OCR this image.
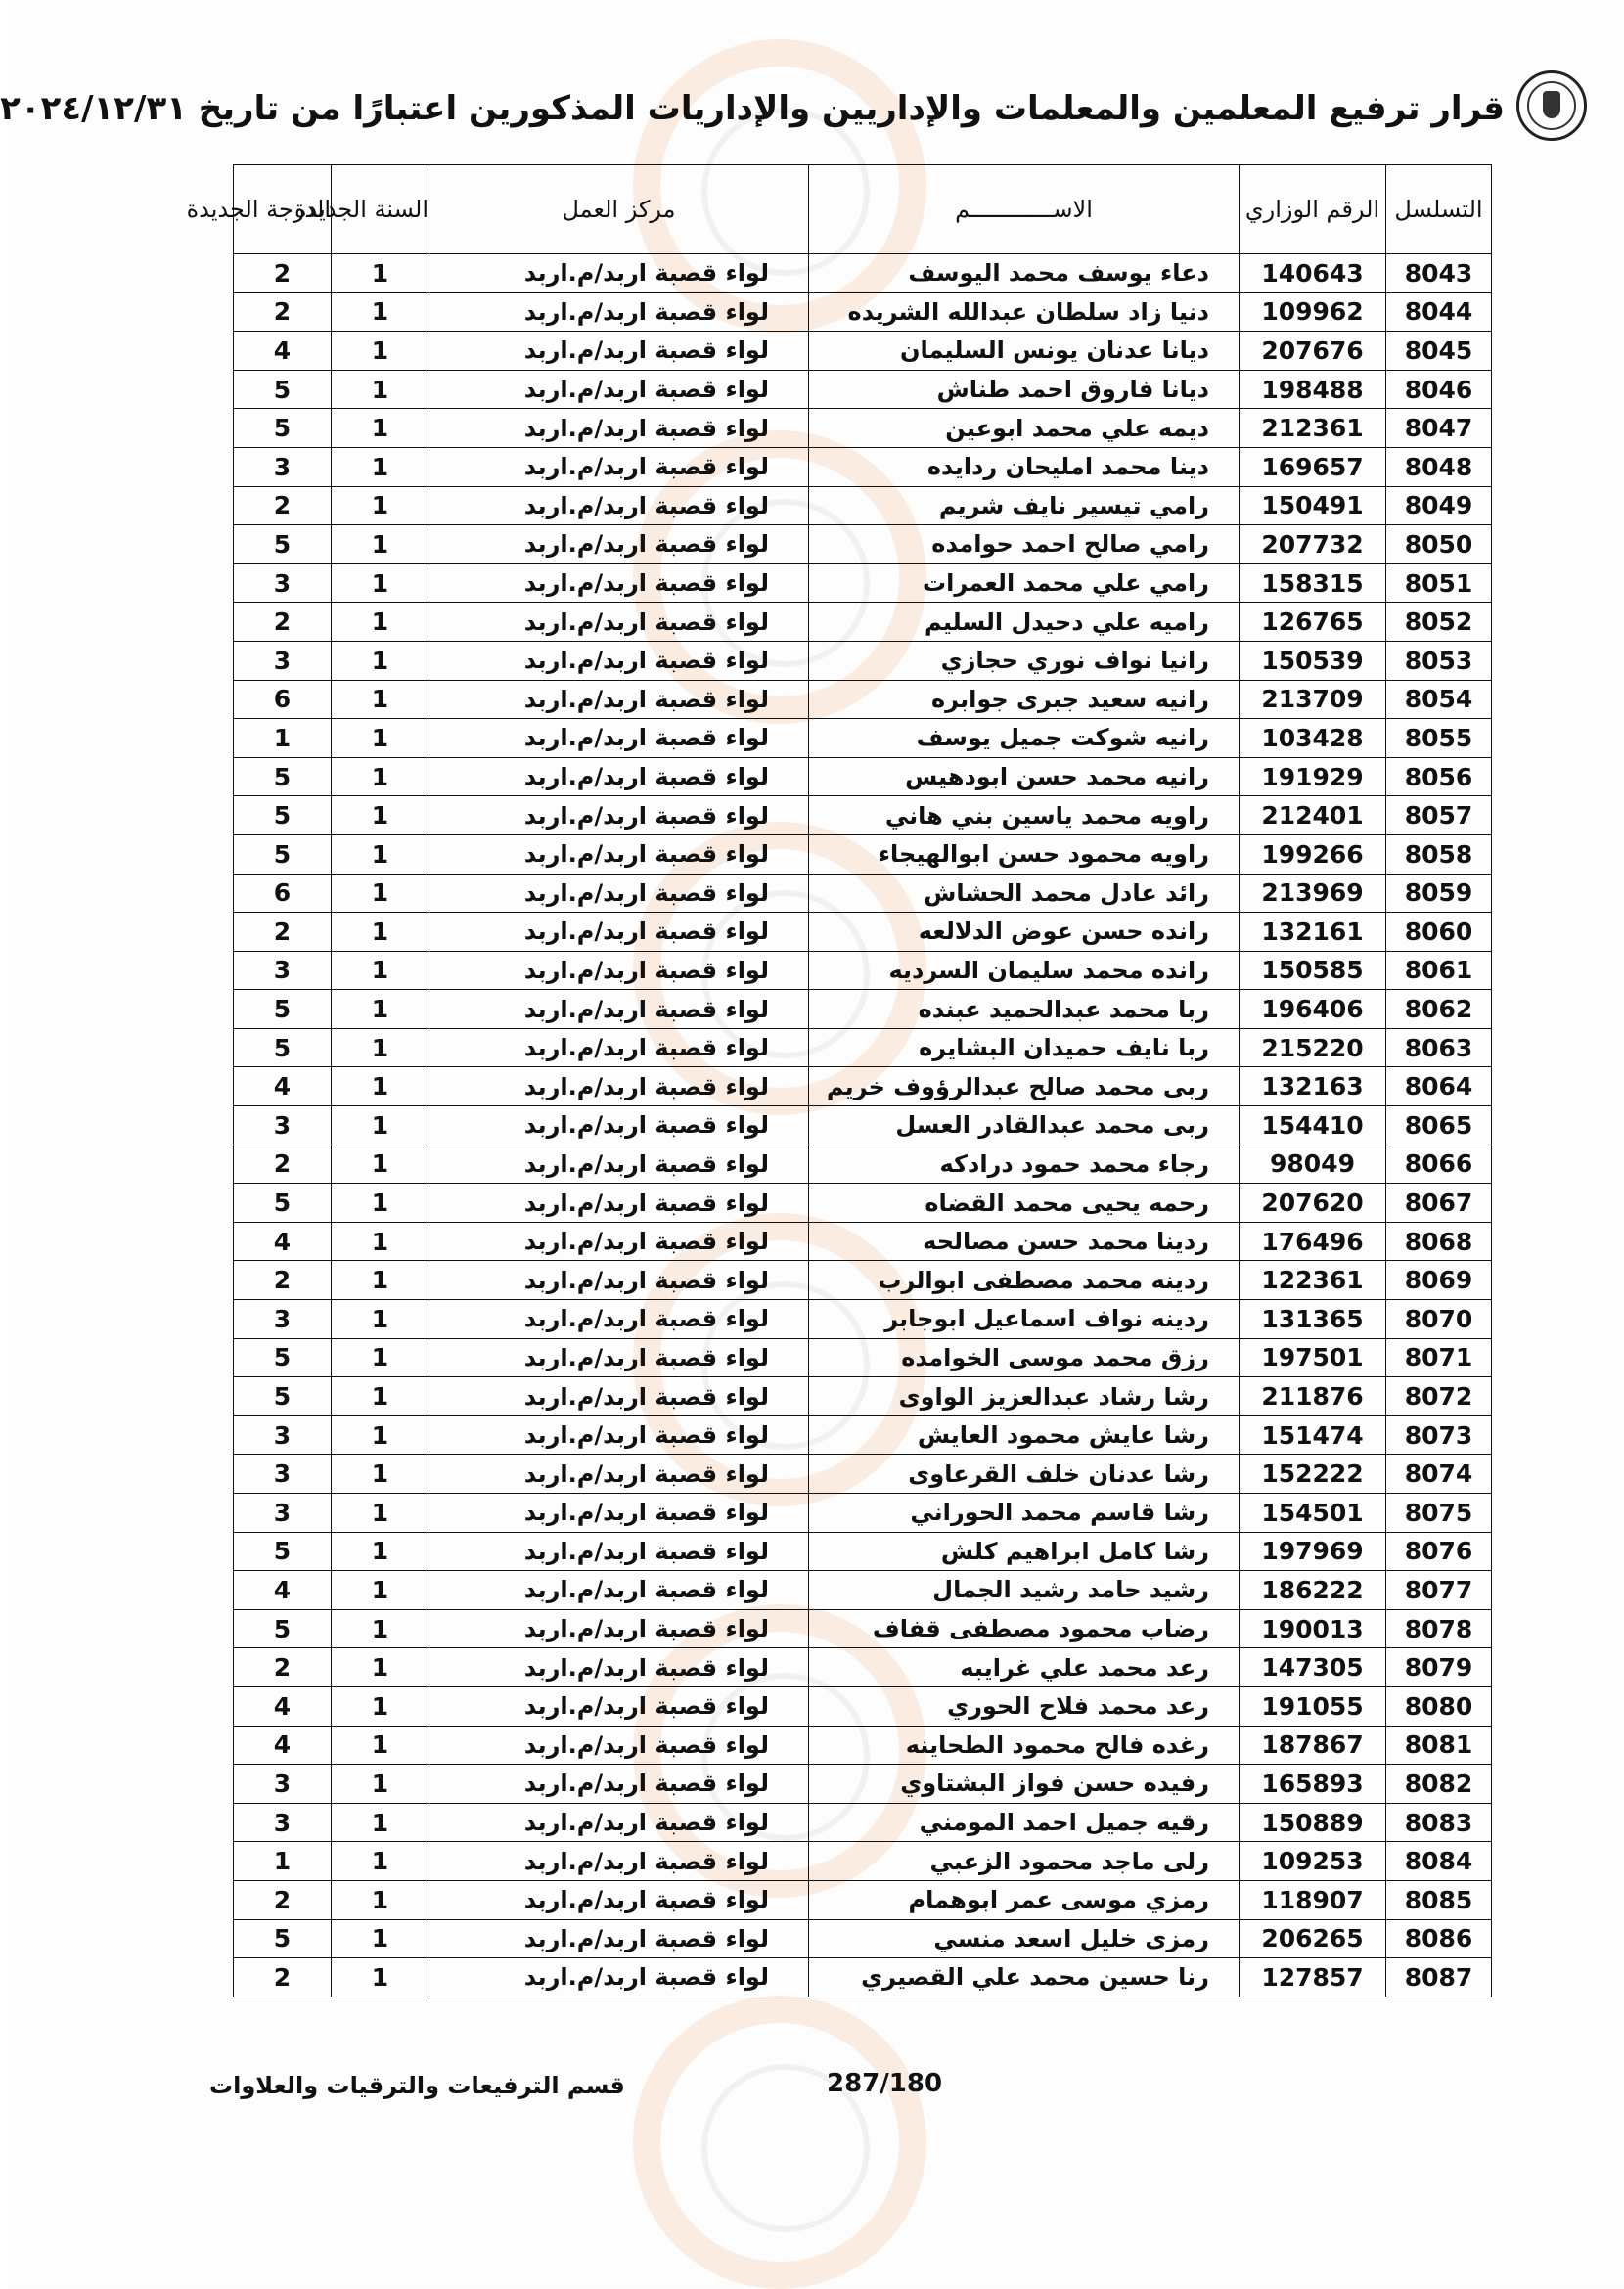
قرار ترفيع المعلمين والمعلمات والإداريين والإداريات المذكورين اعتبارًا من تاريخ ٢٠٢٤/١٢/٣١
التسلسل	الرقم الوزاري	الاســــــــــــم	مركز العمل	السنة الجديدة	الدرجة الجديدة
8043	140643	دعاء يوسف محمد اليوسف	لواء قصبة اربد/م.اربد	1	2
8044	109962	دنيا زاد سلطان عبدالله الشريده	لواء قصبة اربد/م.اربد	1	2
8045	207676	ديانا عدنان يونس السليمان	لواء قصبة اربد/م.اربد	1	4
8046	198488	ديانا فاروق احمد طناش	لواء قصبة اربد/م.اربد	1	5
8047	212361	ديمه علي محمد ابوعين	لواء قصبة اربد/م.اربد	1	5
8048	169657	دينا محمد امليحان ردايده	لواء قصبة اربد/م.اربد	1	3
8049	150491	رامي تيسير نايف شريم	لواء قصبة اربد/م.اربد	1	2
8050	207732	رامي صالح احمد حوامده	لواء قصبة اربد/م.اربد	1	5
8051	158315	رامي علي محمد العمرات	لواء قصبة اربد/م.اربد	1	3
8052	126765	راميه علي دحيدل السليم	لواء قصبة اربد/م.اربد	1	2
8053	150539	رانيا نواف نوري حجازي	لواء قصبة اربد/م.اربد	1	3
8054	213709	رانيه سعيد جبرى جوابره	لواء قصبة اربد/م.اربد	1	6
8055	103428	رانيه شوكت جميل يوسف	لواء قصبة اربد/م.اربد	1	1
8056	191929	رانيه محمد حسن ابودهيس	لواء قصبة اربد/م.اربد	1	5
8057	212401	راويه محمد ياسين بني هاني	لواء قصبة اربد/م.اربد	1	5
8058	199266	راويه محمود حسن ابوالهيجاء	لواء قصبة اربد/م.اربد	1	5
8059	213969	رائد عادل محمد الحشاش	لواء قصبة اربد/م.اربد	1	6
8060	132161	رانده حسن عوض الدلالعه	لواء قصبة اربد/م.اربد	1	2
8061	150585	رانده محمد سليمان السرديه	لواء قصبة اربد/م.اربد	1	3
8062	196406	ربا محمد عبدالحميد عبنده	لواء قصبة اربد/م.اربد	1	5
8063	215220	ربا نايف حميدان البشايره	لواء قصبة اربد/م.اربد	1	5
8064	132163	ربى محمد صالح عبدالرؤوف خريم	لواء قصبة اربد/م.اربد	1	4
8065	154410	ربى محمد عبدالقادر العسل	لواء قصبة اربد/م.اربد	1	3
8066	98049	رجاء محمد حمود درادكه	لواء قصبة اربد/م.اربد	1	2
8067	207620	رحمه يحيى محمد القضاه	لواء قصبة اربد/م.اربد	1	5
8068	176496	ردينا محمد حسن مصالحه	لواء قصبة اربد/م.اربد	1	4
8069	122361	ردينه محمد مصطفى ابوالرب	لواء قصبة اربد/م.اربد	1	2
8070	131365	ردينه نواف اسماعيل ابوجابر	لواء قصبة اربد/م.اربد	1	3
8071	197501	رزق محمد موسى الخوامده	لواء قصبة اربد/م.اربد	1	5
8072	211876	رشا رشاد عبدالعزيز الواوى	لواء قصبة اربد/م.اربد	1	5
8073	151474	رشا عايش محمود العايش	لواء قصبة اربد/م.اربد	1	3
8074	152222	رشا عدنان خلف القرعاوى	لواء قصبة اربد/م.اربد	1	3
8075	154501	رشا قاسم محمد الحوراني	لواء قصبة اربد/م.اربد	1	3
8076	197969	رشا كامل ابراهيم كلش	لواء قصبة اربد/م.اربد	1	5
8077	186222	رشيد حامد رشيد الجمال	لواء قصبة اربد/م.اربد	1	4
8078	190013	رضاب محمود مصطفى قفاف	لواء قصبة اربد/م.اربد	1	5
8079	147305	رعد محمد علي غرايبه	لواء قصبة اربد/م.اربد	1	2
8080	191055	رعد محمد فلاح الحوري	لواء قصبة اربد/م.اربد	1	4
8081	187867	رغده فالح محمود الطحاينه	لواء قصبة اربد/م.اربد	1	4
8082	165893	رفيده حسن فواز البشتاوي	لواء قصبة اربد/م.اربد	1	3
8083	150889	رقيه جميل احمد المومني	لواء قصبة اربد/م.اربد	1	3
8084	109253	رلى ماجد محمود الزعبي	لواء قصبة اربد/م.اربد	1	1
8085	118907	رمزي موسى عمر ابوهمام	لواء قصبة اربد/م.اربد	1	2
8086	206265	رمزى خليل اسعد منسي	لواء قصبة اربد/م.اربد	1	5
8087	127857	رنا حسين محمد علي القصيري	لواء قصبة اربد/م.اربد	1	2
287/180
قسم الترفيعات والترقيات والعلاوات
